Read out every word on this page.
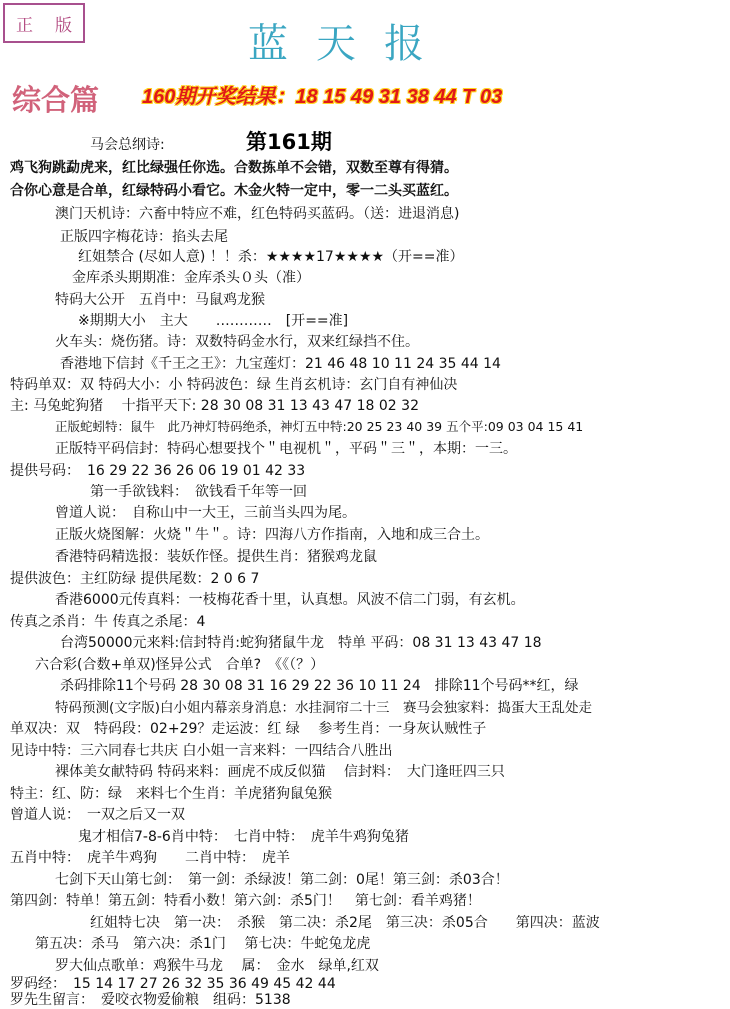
正 版	蓝天报
综合篇 160期开奖结果：18 15 49 31 38 44 T 03
第161期
马会总纲诗:
鸡飞狗跳勐虎来，红比绿强任你选。合数拣单不会错，双数至尊有得猜。
合你心意是合单，红绿特码小看它。木金火特一定中，零一二头买蓝红。
澳门天机诗：六畜中特应不难，红色特码买蓝码。（送：进退消息)
正版四字梅花诗：掐头去尾
红姐禁合 (尽如人意) ！！杀：★★★★17★★★★（开==准）
金库杀头期期准：金库杀头０头（准）
特码大公开　五肖中：马鼠鸡龙猴
※期期大小　主大　　…………　[开==准]
火车头：烧伤猪。诗：双数特码金水行，双来红绿挡不住。
香港地下信封《千王之王》：九宝莲灯：21 46 48 10 11 24 35 44 14
特码单双：双 特码大小：小 特码波色：绿 生肖玄机诗：玄门自有神仙决
主: 马兔蛇狗猪　 十指平天下: 28 30 08 31 13 43 47 18 02 32
正版蛇蚓特：鼠牛　此乃神灯特码绝杀，神灯五中特:20 25 23 40 39 五个平:09 03 04 15 41
正版特平码信封：特码心想要找个＂电视机＂，平码＂三＂，本期：一三。
提供号码：　16 29 22 36 26 06 19 01 42 33
第一手欲钱料：　欲钱看千年等一回
曾道人说：　自称山中一大王，三前当头四为尾。
正版火烧图解：火烧＂牛＂。诗：四海八方作指南，入地和成三合土。
香港特码精选报：装妖作怪。提供生肖：猪猴鸡龙鼠
提供波色：主红防绿 提供尾数：2 0 6 7
香港6000元传真料：一枝梅花香十里，认真想。风波不信二门弱，有玄机。
传真之杀肖：牛 传真之杀尾：4
台湾50000元来料:信封特肖:蛇狗猪鼠牛龙　特单 平码：08 31 13 43 47 18
六合彩(合数+单双)怪异公式　合单?　《《（？）
杀码排除11个号码 28 30 08 31 16 29 22 36 10 11 24　排除11个号码**红，绿
特码预测(文字版)白小姐内幕亲身消息：水挂洞帘二十三　赛马会独家料：捣蛋大王乱处走
单双决：双　特码段：02+29？走运波：红 绿　 参考生肖：一身灰认贼性子
见诗中特：三六同春七共庆 白小姐一言来料：一四结合八胜出
裸体美女献特码 特码来料：画虎不成反似猫　 信封料：　大门逢旺四三只
特主：红、防：绿　来料七个生肖：羊虎猪狗鼠兔猴
曾道人说：　一双之后又一双
鬼才相信7-8-6肖中特：　七肖中特：　虎羊牛鸡狗兔猪
五肖中特：　虎羊牛鸡狗　　二肖中特：　虎羊
七剑下天山第七剑：　第一剑：杀绿波！第二剑：0尾！第三剑：杀03合！
第四剑：特单！第五剑：特看小数！第六剑：杀5门！　第七剑：看羊鸡猪！
红姐特七决　第一决：　杀猴　第二决：杀2尾　第三决：杀05合　　第四决：蓝波
第五决：杀马　第六决：杀1门　 第七决：牛蛇兔龙虎
罗大仙点歌单：鸡猴牛马龙　 属：　金水　绿单,红双
罗码经：　15 14 17 27 26 32 35 36 49 45 42 44
罗先生留言：　爱咬衣物爱偷粮　组码：5138
